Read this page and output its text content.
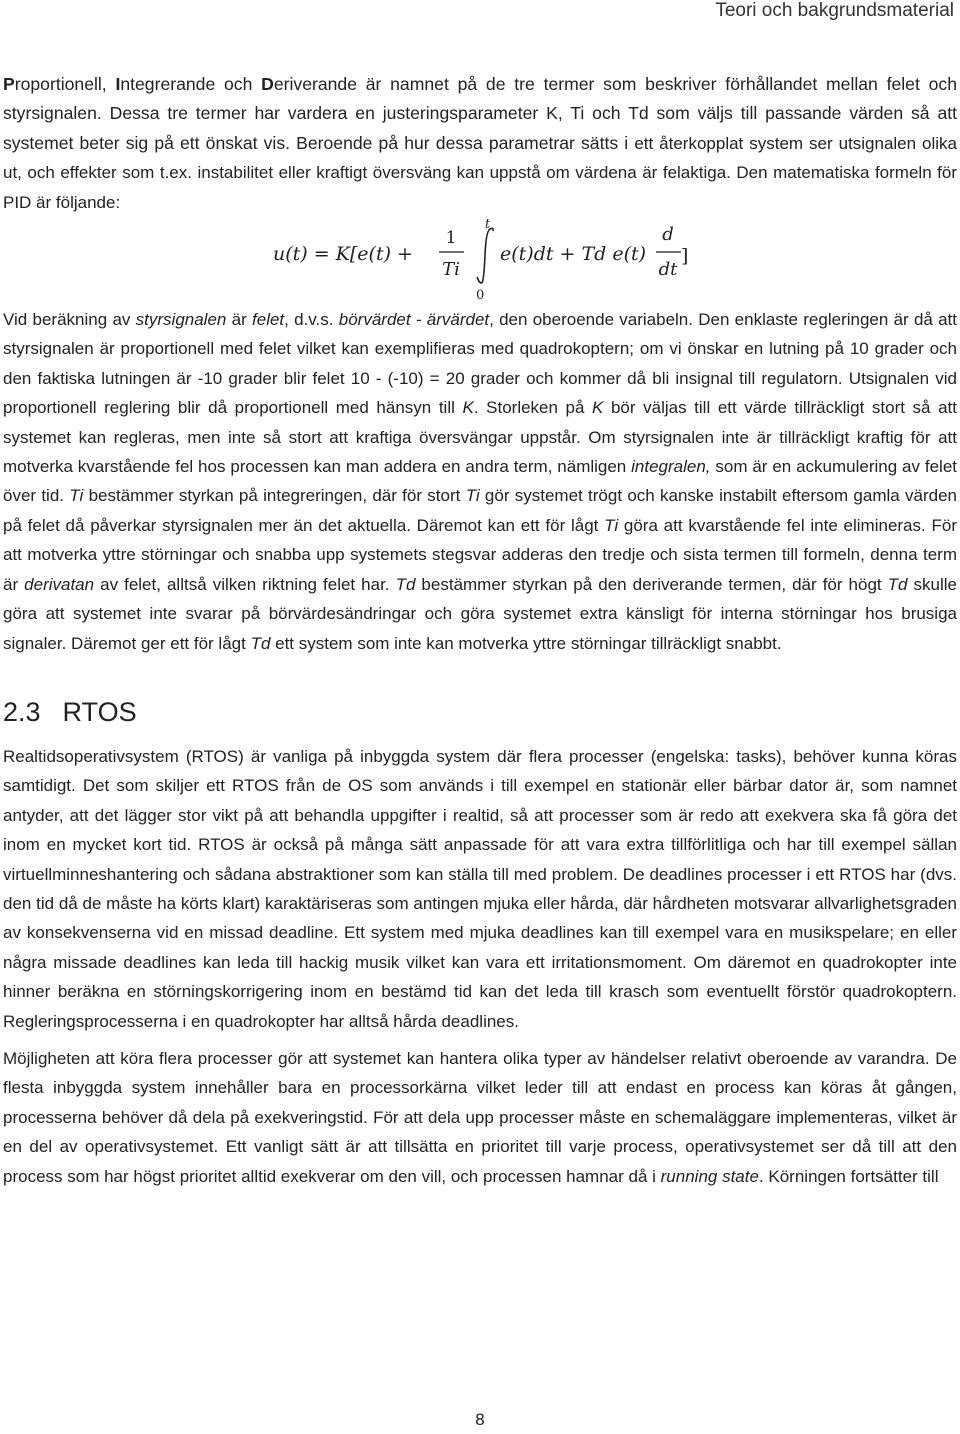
Teori och bakgrundsmaterial

Proportionell, Integrerande och Deriverande är namnet på de tre termer som beskriver förhållandet mellan felet och styrsignalen. Dessa tre termer har vardera en justeringsparameter K, Ti och Td som väljs till passande värden så att systemet beter sig på ett önskat vis. Beroende på hur dessa parametrar sätts i ett återkopplat system ser utsignalen olika ut, och effekter som t.ex. instabilitet eller kraftigt översväng kan uppstå om värdena är felaktiga. Den matematiska formeln för PID är följande:

u(t) = K[e(t) +
1
Ti
t
0
e(t)dt + Td e(t)
d
dt
]

Vid beräkning av styrsignalen är felet, d.v.s. börvärdet - ärvärdet, den oberoende variabeln. Den enklaste regleringen är då att styrsignalen är proportionell med felet vilket kan exemplifieras med quadrokoptern; om vi önskar en lutning på 10 grader och den faktiska lutningen är -10 grader blir felet 10 - (-10) = 20 grader och kommer då bli insignal till regulatorn. Utsignalen vid proportionell reglering blir då proportionell med hänsyn till K. Storleken på K bör väljas till ett värde tillräckligt stort så att systemet kan regleras, men inte så stort att kraftiga översvängar uppstår. Om styrsignalen inte är tillräckligt kraftig för att motverka kvarstående fel hos processen kan man addera en andra term, nämligen integralen, som är en ackumulering av felet över tid. Ti bestämmer styrkan på integreringen, där för stort Ti gör systemet trögt och kanske instabilt eftersom gamla värden på felet då påverkar styrsignalen mer än det aktuella. Däremot kan ett för lågt Ti göra att kvarstående fel inte elimineras. För att motverka yttre störningar och snabba upp systemets stegsvar adderas den tredje och sista termen till formeln, denna term är derivatan av felet, alltså vilken riktning felet har. Td bestämmer styrkan på den deriverande termen, där för högt Td skulle göra att systemet inte svarar på börvärdesändringar och göra systemet extra känsligt för interna störningar hos brusiga signaler. Däremot ger ett för lågt Td ett system som inte kan motverka yttre störningar tillräckligt snabbt.

2.3 RTOS

Realtidsoperativsystem (RTOS) är vanliga på inbyggda system där flera processer (engelska: tasks), behöver kunna köras samtidigt. Det som skiljer ett RTOS från de OS som används i till exempel en stationär eller bärbar dator är, som namnet antyder, att det lägger stor vikt på att behandla uppgifter i realtid, så att processer som är redo att exekvera ska få göra det inom en mycket kort tid. RTOS är också på många sätt anpassade för att vara extra tillförlitliga och har till exempel sällan virtuellminneshantering och sådana abstraktioner som kan ställa till med problem. De deadlines processer i ett RTOS har (dvs. den tid då de måste ha körts klart) karaktäriseras som antingen mjuka eller hårda, där hårdheten motsvarar allvarlighetsgraden av konsekvenserna vid en missad deadline. Ett system med mjuka deadlines kan till exempel vara en musikspelare; en eller några missade deadlines kan leda till hackig musik vilket kan vara ett irritationsmoment. Om däremot en quadrokopter inte hinner beräkna en störningskorrigering inom en bestämd tid kan det leda till krasch som eventuellt förstör quadrokoptern. Regleringsprocesserna i en quadrokopter har alltså hårda deadlines.

Möjligheten att köra flera processer gör att systemet kan hantera olika typer av händelser relativt oberoende av varandra. De flesta inbyggda system innehåller bara en processorkärna vilket leder till att endast en process kan köras åt gången, processerna behöver då dela på exekveringstid. För att dela upp processer måste en schemaläggare implementeras, vilket är en del av operativsystemet. Ett vanligt sätt är att tillsätta en prioritet till varje process, operativsystemet ser då till att den process som har högst prioritet alltid exekverar om den vill, och processen hamnar då i running state. Körningen fortsätter till

8
